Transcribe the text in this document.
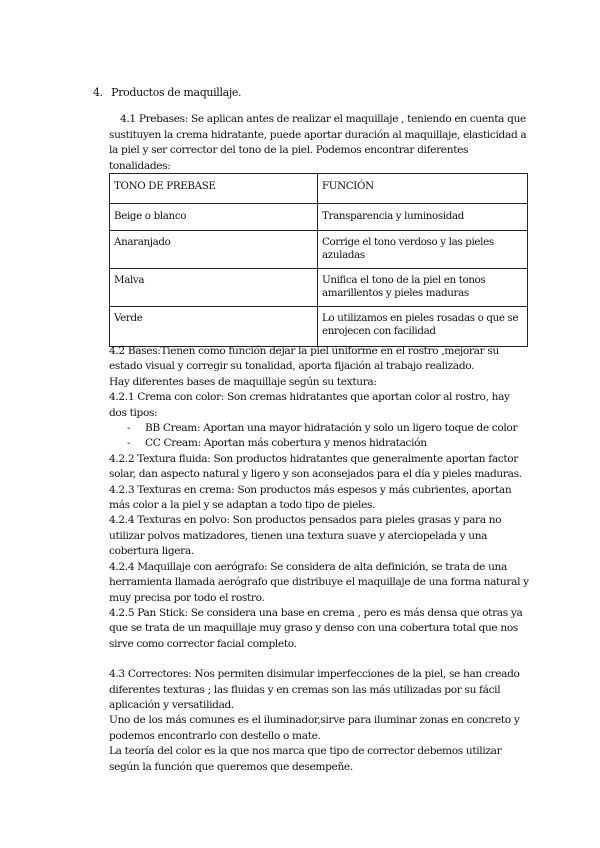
4. Productos de maquillaje.
4.1 Prebases: Se aplican antes de realizar el maquillaje , teniendo en cuenta que sustituyen la crema hidratante, puede aportar duración al maquillaje, elasticidad a la piel y ser corrector del tono de la piel. Podemos encontrar diferentes tonalidades:
TONO DE PREBASE	FUNCIÓN
Beige o blanco	Transparencia y luminosidad
Anaranjado	Corrige el tono verdoso y las pieles azuladas
Malva	Unifica el tono de la piel en tonos amarillentos y pieles maduras
Verde	Lo utilizamos en pieles rosadas o que se enrojecen con facilidad

4.2 Bases:Tienen como función dejar la piel uniforme en el rostro ,mejorar su estado visual y corregir su tonalidad, aporta fijación al trabajo realizado.

Hay diferentes bases de maquillaje según su textura:

4.2.1 Crema con color: Son cremas hidratantes que aportan color al rostro, hay dos tipos:

- BB Cream: Aportan una mayor hidratación y solo un ligero toque de color
- CC Cream: Aportan más cobertura y menos hidratación

4.2.2 Textura fluida: Son productos hidratantes que generalmente aportan factor solar, dan aspecto natural y ligero y son aconsejados para el día y pieles maduras.

4.2.3 Texturas en crema: Son productos más espesos y más cubrientes, aportan más color a la piel y se adaptan a todo tipo de pieles.

4.2.4 Texturas en polvo: Son productos pensados para pieles grasas y para no utilizar polvos matizadores, tienen una textura suave y aterciopelada y una cobertura ligera.

4.2.4 Maquillaje con aerógrafo: Se considera de alta definición, se trata de una herramienta llamada aerógrafo que distribuye el maquillaje de una forma natural y muy precisa por todo el rostro.

4.2.5 Pan Stick: Se considera una base en crema , pero es más densa que otras ya que se trata de un maquillaje muy graso y denso con una cobertura total que nos sirve como corrector facial completo.

4.3 Correctores: Nos permiten disimular imperfecciones de la piel, se han creado diferentes texturas ; las fluidas y en cremas son las más utilizadas por su fácil aplicación y versatilidad.

Uno de los más comunes es el iluminador,sirve para iluminar zonas en concreto y podemos encontrarlo con destello o mate.

La teoría del color es la que nos marca que tipo de corrector debemos utilizar según la función que queremos que desempeñe.
